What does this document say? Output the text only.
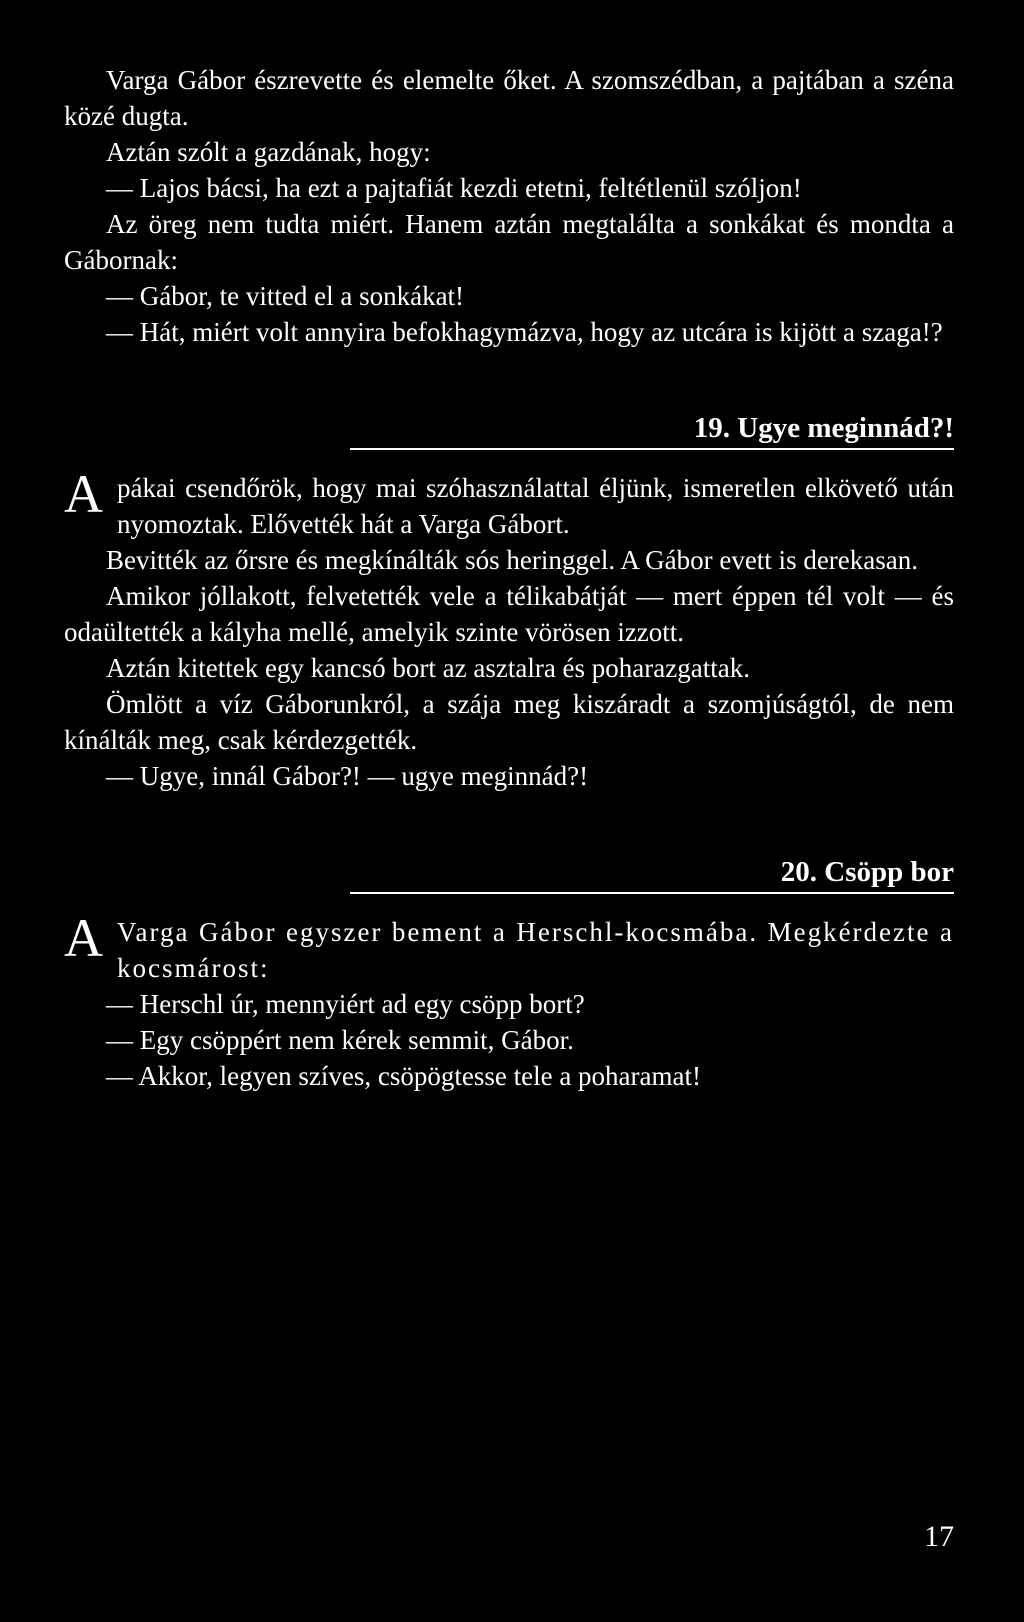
Varga Gábor észrevette és elemelte őket. A szomszédban, a pajtában a széna közé dugta.

Aztán szólt a gazdának, hogy:

— Lajos bácsi, ha ezt a pajtafiát kezdi etetni, feltétlenül szóljon!

Az öreg nem tudta miért. Hanem aztán megtalálta a sonkákat és mondta a Gábornak:

— Gábor, te vitted el a sonkákat!

— Hát, miért volt annyira befokhagymázva, hogy az utcára is kijött a szaga!?

19. Ugye meginnád?!

A pákai csendőrök, hogy mai szóhasználattal éljünk, ismeretlen elkövető után nyomoztak. Elővették hát a Varga Gábort.

Bevitték az őrsre és megkínálták sós heringgel. A Gábor evett is derekasan.

Amikor jóllakott, felvetették vele a télikabátját — mert éppen tél volt — és odaültették a kályha mellé, amelyik szinte vörösen izzott.

Aztán kitettek egy kancsó bort az asztalra és poharazgattak.

Ömlött a víz Gáborunkról, a szája meg kiszáradt a szomjúságtól, de nem kínálták meg, csak kérdezgették.

— Ugye, innál Gábor?! — ugye meginnád?!

20. Csöpp bor

A Varga Gábor egyszer bement a Herschl-kocsmába. Megkérdezte a kocsmárost:

— Herschl úr, mennyiért ad egy csöpp bort?

— Egy csöppért nem kérek semmit, Gábor.

— Akkor, legyen szíves, csöpögtesse tele a poharamat!

17
